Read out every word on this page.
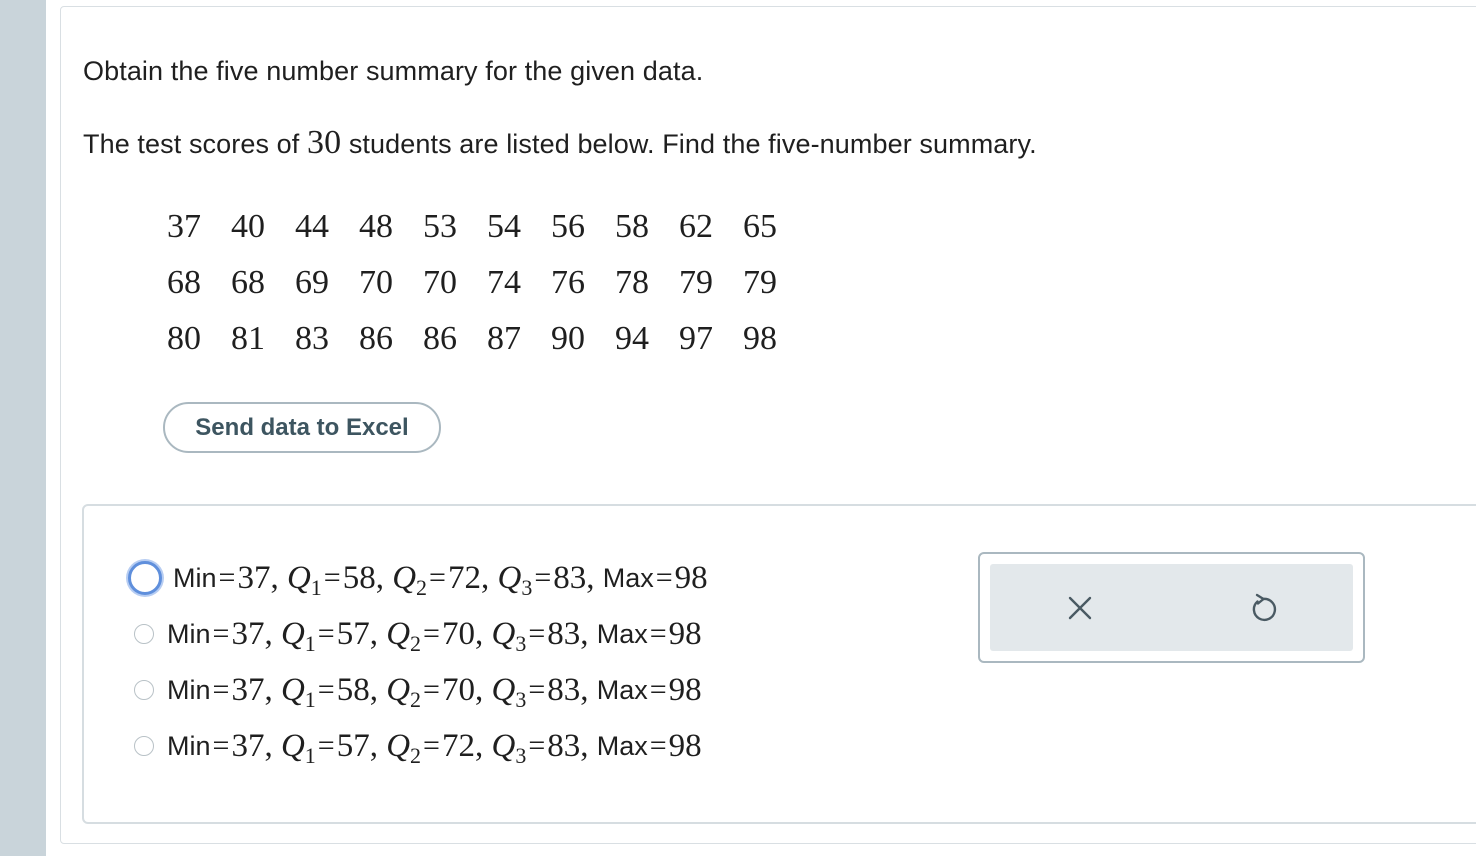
Obtain the five number summary for the given data.
The test scores of 30 students are listed below. Find the five-number summary.
37	40	44	48	53	54	56	58	62	65
68	68	69	70	70	74	76	78	79	79
80	81	83	86	86	87	90	94	97	98
Send data to Excel
Min = 37 , $Q_1 = 58$ , $Q_2 = 72$ , $Q_3 = 83$ , Max = 98
Min = 37 , $Q_1 = 57$ , $Q_2 = 70$ , $Q_3 = 83$ , Max = 98
Min = 37 , $Q_1 = 58$ , $Q_2 = 70$ , $Q_3 = 83$ , Max = 98
Min = 37 , $Q_1 = 57$ , $Q_2 = 72$ , $Q_3 = 83$ , Max = 98
